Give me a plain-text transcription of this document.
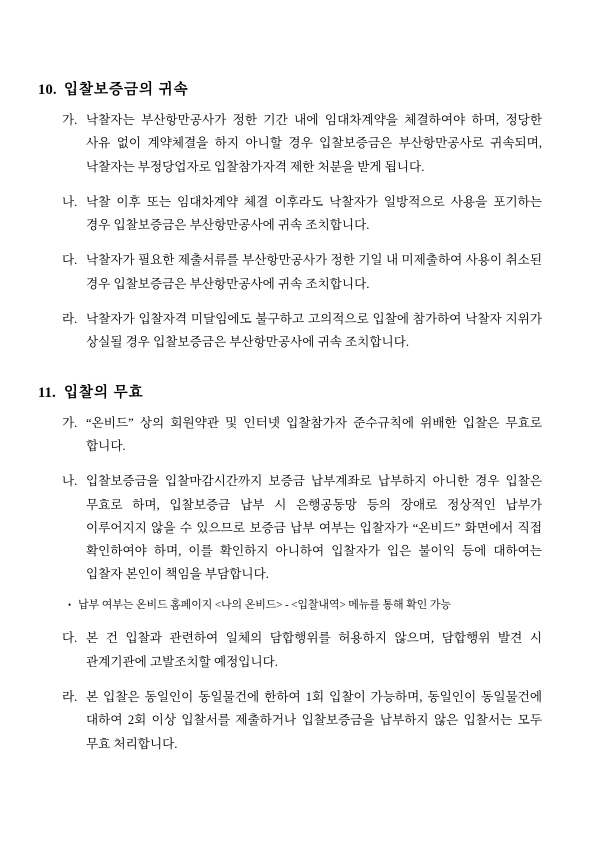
10. 입찰보증금의 귀속
가. 낙찰자는 부산항만공사가 정한 기간 내에 임대차계약을 체결하여야 하며, 정당한 사유 없이 계약체결을 하지 아니할 경우 입찰보증금은 부산항만공사로 귀속되며, 낙찰자는 부정당업자로 입찰참가자격 제한 처분을 받게 됩니다.
나. 낙찰 이후 또는 임대차계약 체결 이후라도 낙찰자가 일방적으로 사용을 포기하는 경우 입찰보증금은 부산항만공사에 귀속 조치합니다.
다. 낙찰자가 필요한 제출서류를 부산항만공사가 정한 기일 내 미제출하여 사용이 취소된 경우 입찰보증금은 부산항만공사에 귀속 조치합니다.
라. 낙찰자가 입찰자격 미달임에도 불구하고 고의적으로 입찰에 참가하여 낙찰자 지위가 상실될 경우 입찰보증금은 부산항만공사에 귀속 조치합니다.
11. 입찰의 무효
가. “온비드” 상의 회원약관 및 인터넷 입찰참가자 준수규칙에 위배한 입찰은 무효로 합니다.
나. 입찰보증금을 입찰마감시간까지 보증금 납부계좌로 납부하지 아니한 경우 입찰은 무효로 하며, 입찰보증금 납부 시 은행공동망 등의 장애로 정상적인 납부가 이루어지지 않을 수 있으므로 보증금 납부 여부는 입찰자가 “온비드” 화면에서 직접 확인하여야 하며, 이를 확인하지 아니하여 입찰자가 입은 불이익 등에 대하여는 입찰자 본인이 책임을 부담합니다.
• 납부 여부는 온비드 홈페이지 <나의 온비드> - <입찰내역> 메뉴를 통해 확인 가능
다. 본 건 입찰과 관련하여 일체의 담합행위를 허용하지 않으며, 담합행위 발견 시 관계기관에 고발조치할 예정입니다.
라. 본 입찰은 동일인이 동일물건에 한하여 1회 입찰이 가능하며, 동일인이 동일물건에 대하여 2회 이상 입찰서를 제출하거나 입찰보증금을 납부하지 않은 입찰서는 모두 무효 처리합니다.
